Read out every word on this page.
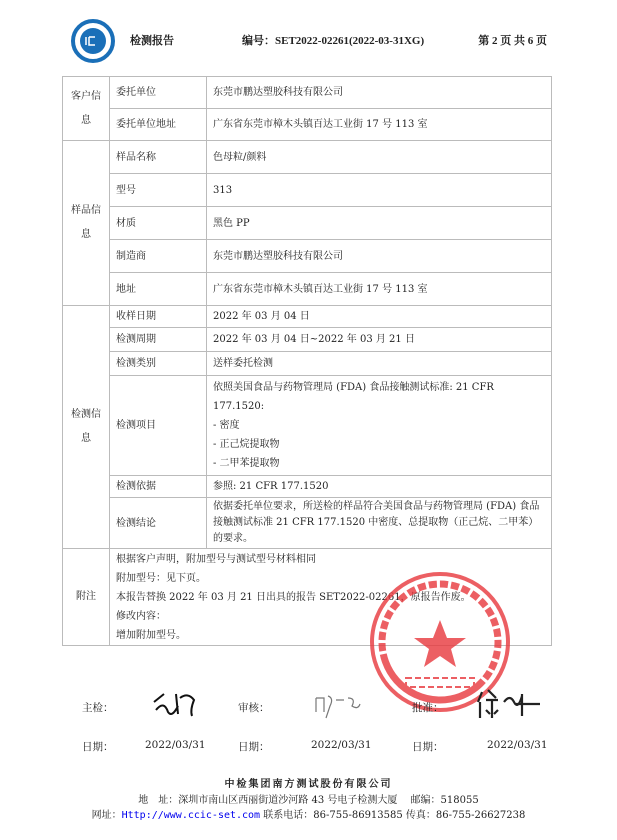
检测报告	编号：SET2022-02261(2022-03-31XG)	第 2 页 共 6 页
客户信息	委托单位	东莞市鹏达塑胶科技有限公司
	委托单位地址	广东省东莞市樟木头镇百达工业街 17 号 113 室
样品信息	样品名称	色母粒/颜料
	型号	313
	材质	黑色 PP
	制造商	东莞市鹏达塑胶科技有限公司
	地址	广东省东莞市樟木头镇百达工业街 17 号 113 室
检测信息	收样日期	2022 年 03 月 04 日
	检测周期	2022 年 03 月 04 日~2022 年 03 月 21 日
	检测类别	送样委托检测
	检测项目	依照美国食品与药物管理局 (FDA) 食品接触测试标准: 21 CFR 177.1520:
- 密度
- 正己烷提取物
- 二甲苯提取物

	检测依据	参照: 21 CFR 177.1520
	检测结论	依据委托单位要求，所送检的样品符合美国食品与药物管理局 (FDA) 食品接触测试标准 21 CFR 177.1520 中密度、总提取物（正己烷、二甲苯）的要求。
附注	根据客户声明，附加型号与测试型号材料相同
附加型号：见下页。
本报告替换 2022 年 03 月 21 日出具的报告 SET2022-02261，原报告作废。
修改内容：
增加附加型号。	
主检：	审核：	批准：
日期：	2022/03/31	日期：	2022/03/31	日期：	2022/03/31
中检集团南方测试股份有限公司
地　址：深圳市南山区西丽街道沙河路 43 号电子检测大厦　 邮编：518055
网址：Http://www.ccic-set.com 联系电话：86-755-86913585 传真：86-755-26627238
